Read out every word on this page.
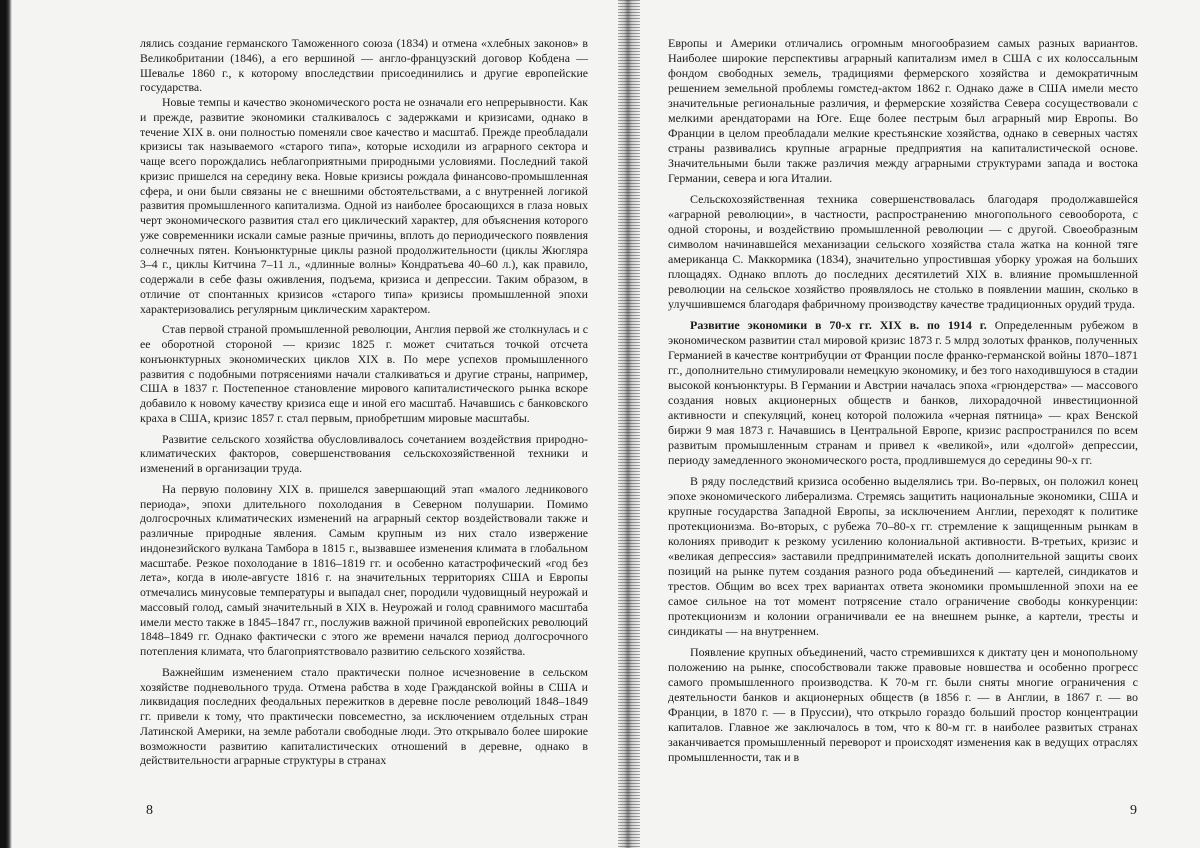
лялись создание германского Таможенного союза (1834) и отмена «хлебных законов» в Великобритании (1846), а его вершиной — англо-французский договор Кобдена — Шевалье 1860 г., к которому впоследствии присоединились и другие европейские государства.

Новые темпы и качество экономического роста не означали его непрерывности. Как и прежде, развитие экономики сталкивалось с задержками и кризисами, однако в течение XIX в. они полностью поменяли свое качество и масштаб. Прежде преобладали кризисы так называемого «старого типа», которые исходили из аграрного сектора и чаще всего порождались неблагоприятными природными условиями. Последний такой кризис пришелся на середину века. Новые кризисы рождала финансово-промышленная сфера, и они были связаны не с внешними обстоятельствами, а с внутренней логикой развития промышленного капитализма. Одной из наиболее бросающихся в глаза новых черт экономического развития стал его циклический характер, для объяснения которого уже современники искали самые разные причины, вплоть до периодического появления солнечных пятен. Конъюнктурные циклы разной продолжительности (циклы Жюгляра 3–4 г., циклы Китчина 7–11 л., «длинные волны» Кондратьева 40–60 л.), как правило, содержали в себе фазы оживления, подъема, кризиса и депрессии. Таким образом, в отличие от спонтанных кризисов «старого типа» кризисы промышленной эпохи характеризовались регулярным циклическим характером.

Став первой страной промышленной революции, Англия первой же столкнулась и с ее оборотной стороной — кризис 1825 г. может считаться точкой отсчета конъюнктурных экономических циклов XIX в. По мере успехов промышленного развития с подобными потрясениями начали сталкиваться и другие страны, например, США в 1837 г. Постепенное становление мирового капиталистического рынка вскоре добавило к новому качеству кризиса еще и иной его масштаб. Начавшись с банковского краха в США, кризис 1857 г. стал первым, приобретшим мировые масштабы.

Развитие сельского хозяйства обусловливалось сочетанием воздействия природно-климатических факторов, совершенствования сельскохозяйственной техники и изменений в организации труда.

На первую половину XIX в. пришелся завершающий этап «малого ледникового периода», эпохи длительного похолодания в Северном полушарии. Помимо долгосрочных климатических изменений на аграрный сектор воздействовали также и различные природные явления. Самым крупным из них стало извержение индонезийского вулкана Тамбора в 1815 г., вызвавшее изменения климата в глобальном масштабе. Резкое похолодание в 1816–1819 гг. и особенно катастрофический «год без лета», когда в июле-августе 1816 г. на значительных территориях США и Европы отмечались минусовые температуры и выпадал снег, породили чудовищный неурожай и массовый голод, самый значительный в XIX в. Неурожай и голод сравнимого масштаба имели место также в 1845–1847 гг., послужив важной причиной европейских революций 1848–1849 гг. Однако фактически с этого же времени начался период долгосрочного потепления климата, что благоприятствовало развитию сельского хозяйства.

Важнейшим изменением стало практически полное исчезновение в сельском хозяйстве подневольного труда. Отмена рабства в ходе Гражданской войны в США и ликвидация последних феодальных пережитков в деревне после революций 1848–1849 гг. привели к тому, что практически повсеместно, за исключением отдельных стран Латинской Америки, на земле работали свободные люди. Это открывало более широкие возможности развитию капиталистических отношений в деревне, однако в действительности аграрные структуры в странах

Европы и Америки отличались огромным многообразием самых разных вариантов. Наиболее широкие перспективы аграрный капитализм имел в США с их колоссальным фондом свободных земель, традициями фермерского хозяйства и демократичным решением земельной проблемы гомстед-актом 1862 г. Однако даже в США имели место значительные региональные различия, и фермерские хозяйства Севера сосуществовали с мелкими арендаторами на Юге. Еще более пестрым был аграрный мир Европы. Во Франции в целом преобладали мелкие крестьянские хозяйства, однако в северных частях страны развивались крупные аграрные предприятия на капиталистической основе. Значительными были также различия между аграрными структурами запада и востока Германии, севера и юга Италии.

Сельскохозяйственная техника совершенствовалась благодаря продолжавшейся «аграрной революции», в частности, распространению многопольного севооборота, с одной стороны, и воздействию промышленной революции — с другой. Своеобразным символом начинавшейся механизации сельского хозяйства стала жатка на конной тяге американца С. Маккормика (1834), значительно упростившая уборку урожая на больших площадях. Однако вплоть до последних десятилетий XIX в. влияние промышленной революции на сельское хозяйство проявлялось не столько в появлении машин, сколько в улучшившемся благодаря фабричному производству качестве традиционных орудий труда.

Развитие экономики в 70-х гг. XIX в. по 1914 г. Определенным рубежом в экономическом развитии стал мировой кризис 1873 г. 5 млрд золотых франков, полученных Германией в качестве контрибуции от Франции после франко-германской войны 1870–1871 гг., дополнительно стимулировали немецкую экономику, и без того находившуюся в стадии высокой конъюнктуры. В Германии и Австрии началась эпоха «грюндерства» — массового создания новых акционерных обществ и банков, лихорадочной инвестиционной активности и спекуляций, конец которой положила «черная пятница» — крах Венской биржи 9 мая 1873 г. Начавшись в Центральной Европе, кризис распространился по всем развитым промышленным странам и привел к «великой», или «долгой» депрессии, периоду замедленного экономического роста, продлившемуся до середины 90-х гг.

В ряду последствий кризиса особенно выделялись три. Во-первых, он положил конец эпохе экономического либерализма. Стремясь защитить национальные экономики, США и крупные государства Западной Европы, за исключением Англии, переходят к политике протекционизма. Во-вторых, с рубежа 70–80-х гг. стремление к защищенным рынкам в колониях приводит к резкому усилению колониальной активности. В-третьих, кризис и «великая депрессия» заставили предпринимателей искать дополнительной защиты своих позиций на рынке путем создания разного рода объединений — картелей, синдикатов и трестов. Общим во всех трех вариантах ответа экономики промышленной эпохи на ее самое сильное на тот момент потрясение стало ограничение свободы конкуренции: протекционизм и колонии ограничивали ее на внешнем рынке, а картели, тресты и синдикаты — на внутреннем.

Появление крупных объединений, часто стремившихся к диктату цен и монопольному положению на рынке, способствовали также правовые новшества и особенно прогресс самого промышленного производства. К 70-м гг. были сняты многие ограничения с деятельности банков и акционерных обществ (в 1856 г. — в Англии, в 1867 г. — во Франции, в 1870 г. — в Пруссии), что открыло гораздо больший простор концентрации капиталов. Главное же заключалось в том, что к 80-м гг. в наиболее развитых странах заканчивается промышленный переворот и происходят изменения как в ведущих отраслях промышленности, так и в

8	9
